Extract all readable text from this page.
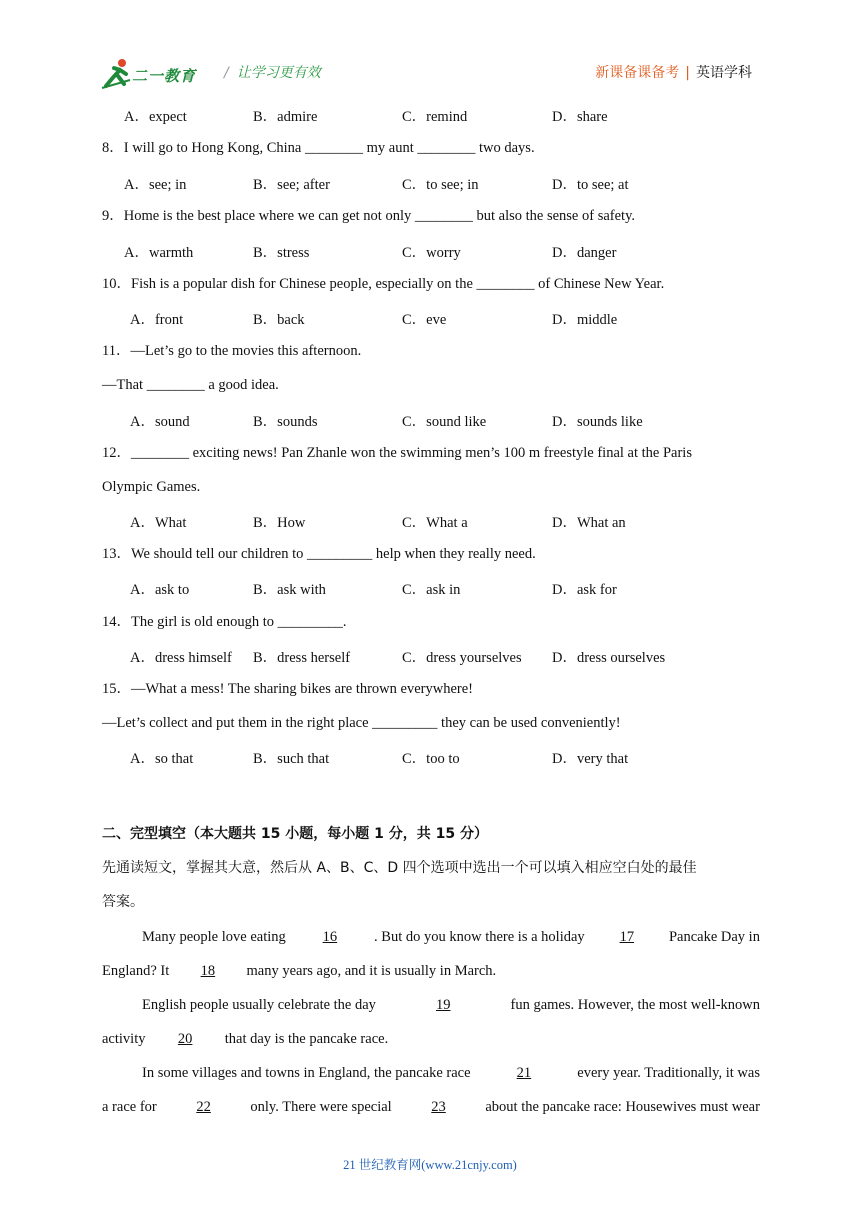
二一教育 / 让学习更有效	新课备课备考 | 英语学科
A．expect	B．admire	C．remind	D．share
8．I will go to Hong Kong, China ________ my aunt ________ two days.
A．see; in	B．see; after	C．to see; in	D．to see; at
9．Home is the best place where we can get not only ________ but also the sense of safety.
A．warmth	B．stress	C．worry	D．danger
10．Fish is a popular dish for Chinese people, especially on the ________ of Chinese New Year.
A．front	B．back	C．eve	D．middle
11．—Let’s go to the movies this afternoon.
—That ________ a good idea.
A．sound	B．sounds	C．sound like	D．sounds like
12．________ exciting news! Pan Zhanle won the swimming men’s 100 m freestyle final at the Paris
Olympic Games.
A．What	B．How	C．What a	D．What an
13．We should tell our children to _________ help when they really need.
A．ask to	B．ask with	C．ask in	D．ask for
14．The girl is old enough to _________.
A．dress himself B．dress herself	C．dress yourselves D．dress ourselves
15．—What a mess! The sharing bikes are thrown everywhere!
—Let’s collect and put them in the right place _________ they can be used conveniently!
A．so that	B．such that	C．too to	D．very that
二、完型填空（本大题共 15 小题，每小题 1 分，共 15 分）
先通读短文，掌握其大意，然后从 A、B、C、D 四个选项中选出一个可以填入相应空白处的最佳
答案。
Many people love eating	16	. But do you know there is a holiday	17	Pancake Day in
England? It 18 many years ago, and it is usually in March.
English people usually celebrate the day	19	fun games. However, the most well-known
activity 20 that day is the pancake race.
In some villages and towns in England, the pancake race	21	every year. Traditionally, it was
a race for	22	only. There were special	23	about the pancake race: Housewives must wear
21 世纪教育网(www.21cnjy.com)
